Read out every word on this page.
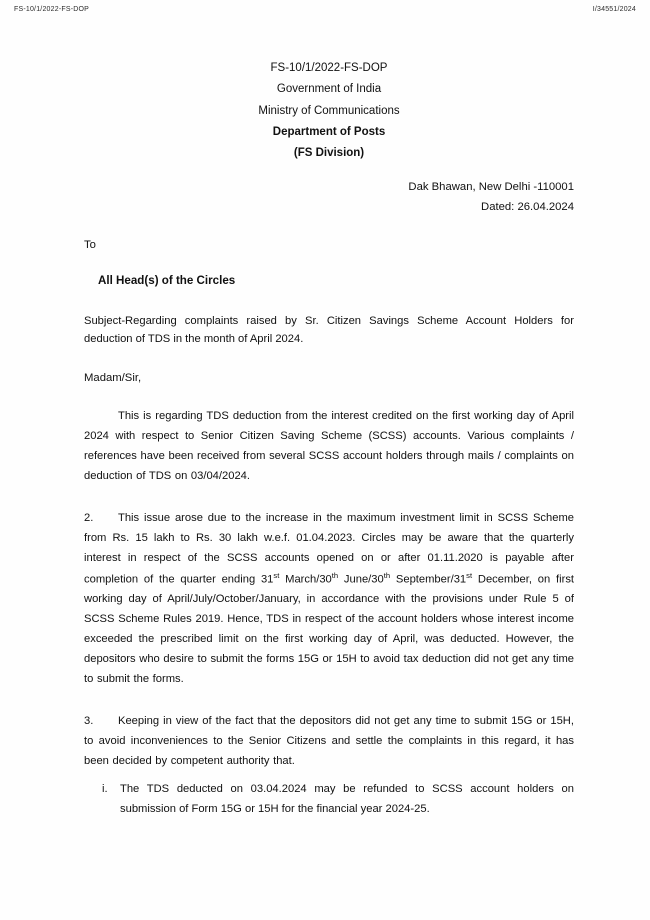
FS-10/1/2022-FS-DOP	I/34551/2024
FS-10/1/2022-FS-DOP
Government of India
Ministry of Communications
Department of Posts
(FS Division)
Dak Bhawan, New Delhi -110001
Dated: 26.04.2024
To
All Head(s) of the Circles
Subject-Regarding complaints raised by Sr. Citizen Savings Scheme Account Holders for deduction of TDS in the month of April 2024.
Madam/Sir,

This is regarding TDS deduction from the interest credited on the first working day of April 2024 with respect to Senior Citizen Saving Scheme (SCSS) accounts. Various complaints / references have been received from several SCSS account holders through mails / complaints on deduction of TDS on 03/04/2024.

2. This issue arose due to the increase in the maximum investment limit in SCSS Scheme from Rs. 15 lakh to Rs. 30 lakh w.e.f. 01.04.2023. Circles may be aware that the quarterly interest in respect of the SCSS accounts opened on or after 01.11.2020 is payable after completion of the quarter ending 31st March/30th June/30th September/31st December, on first working day of April/July/October/January, in accordance with the provisions under Rule 5 of SCSS Scheme Rules 2019. Hence, TDS in respect of the account holders whose interest income exceeded the prescribed limit on the first working day of April, was deducted. However, the depositors who desire to submit the forms 15G or 15H to avoid tax deduction did not get any time to submit the forms.

3. Keeping in view of the fact that the depositors did not get any time to submit 15G or 15H, to avoid inconveniences to the Senior Citizens and settle the complaints in this regard, it has been decided by competent authority that.

i. The TDS deducted on 03.04.2024 may be refunded to SCSS account holders on submission of Form 15G or 15H for the financial year 2024-25.
